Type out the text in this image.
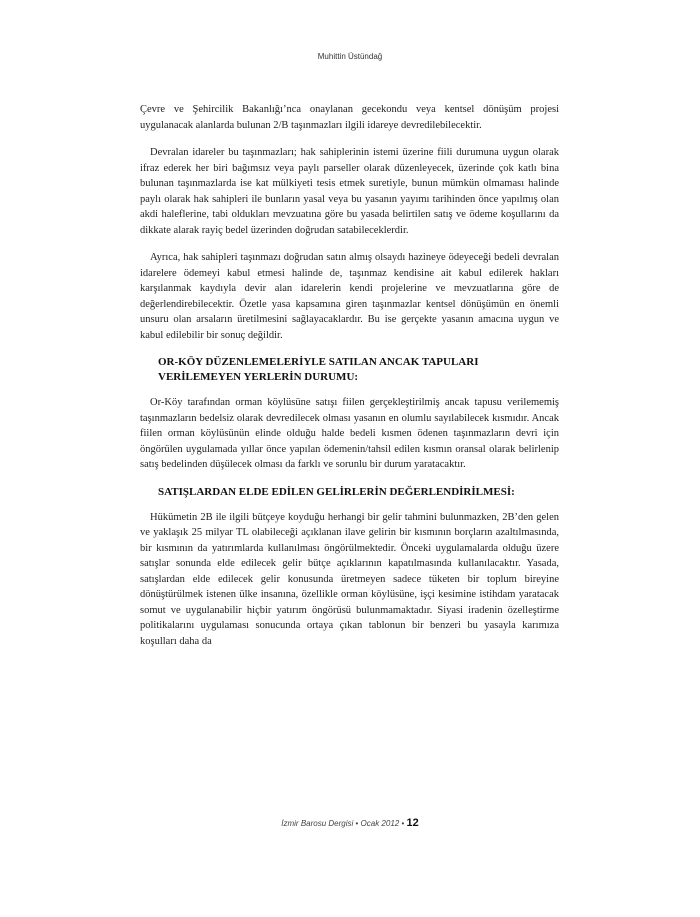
Muhittin Üstündağ

Çevre ve Şehircilik Bakanlığı’nca onaylanan gecekondu veya kentsel dönüşüm projesi uygulanacak alanlarda bulunan 2/B taşınmazları ilgili idareye devredilebilecektir.

Devralan idareler bu taşınmazları; hak sahiplerinin istemi üzerine fiili durumuna uygun olarak ifraz ederek her biri bağımsız veya paylı parseller olarak düzenleyecek, üzerinde çok katlı bina bulunan taşınmazlarda ise kat mülkiyeti tesis etmek suretiyle, bunun mümkün olmaması halinde paylı olarak hak sahipleri ile bunların yasal veya bu yasanın yayımı tarihinden önce yapılmış olan akdi haleflerine, tabi oldukları mevzuatına göre bu yasada belirtilen satış ve ödeme koşullarını da dikkate alarak rayiç bedel üzerinden doğrudan satabileceklerdir.

Ayrıca, hak sahipleri taşınmazı doğrudan satın almış olsaydı hazineye ödeyeceği bedeli devralan idarelere ödemeyi kabul etmesi halinde de, taşınmaz kendisine ait kabul edilerek hakları karşılanmak kaydıyla devir alan idarelerin kendi projelerine ve mevzuatlarına göre de değerlendirebilecektir. Özetle yasa kapsamına giren taşınmazlar kentsel dönüşümün en önemli unsuru olan arsaların üretilmesini sağlayacaklardır. Bu ise gerçekte yasanın amacına uygun ve kabul edilebilir bir sonuç değildir.

OR-KÖY DÜZENLEMELERİYLE SATILAN ANCAK TAPULARI VERİLEMEYEN YERLERİN DURUMU:

Or-Köy tarafından orman köylüsüne satışı fiilen gerçekleştirilmiş ancak tapusu verilememiş taşınmazların bedelsiz olarak devredilecek olması yasanın en olumlu sayılabilecek kısmıdır. Ancak fiilen orman köylüsünün elinde olduğu halde bedeli kısmen ödenen taşınmazların devri için öngörülen uygulamada yıllar önce yapılan ödemenin/tahsil edilen kısmın oransal olarak belirlenip satış bedelinden düşülecek olması da farklı ve sorunlu bir durum yaratacaktır.

SATIŞLARDAN ELDE EDİLEN GELİRLERİN DEĞERLENDİRİLMESİ:

Hükümetin 2B ile ilgili bütçeye koyduğu herhangi bir gelir tahmini bulunmazken, 2B’den gelen ve yaklaşık 25 milyar TL olabileceği açıklanan ilave gelirin bir kısmının borçların azaltılmasında, bir kısmının da yatırımlarda kullanılması öngörülmektedir. Önceki uygulamalarda olduğu üzere satışlar sonunda elde edilecek gelir bütçe açıklarının kapatılmasında kullanılacaktır. Yasada, satışlardan elde edilecek gelir konusunda üretmeyen sadece tüketen bir toplum bireyine dönüştürülmek istenen ülke insanına, özellikle orman köylüsüne, işçi kesimine istihdam yaratacak somut ve uygulanabilir hiçbir yatırım öngörüsü bulunmamaktadır. Siyasi iradenin özelleştirme politikalarını uygulaması sonucunda ortaya çıkan tablonun bir benzeri bu yasayla karımıza koşulları daha da

İzmir Barosu Dergisi • Ocak 2012 • 12
